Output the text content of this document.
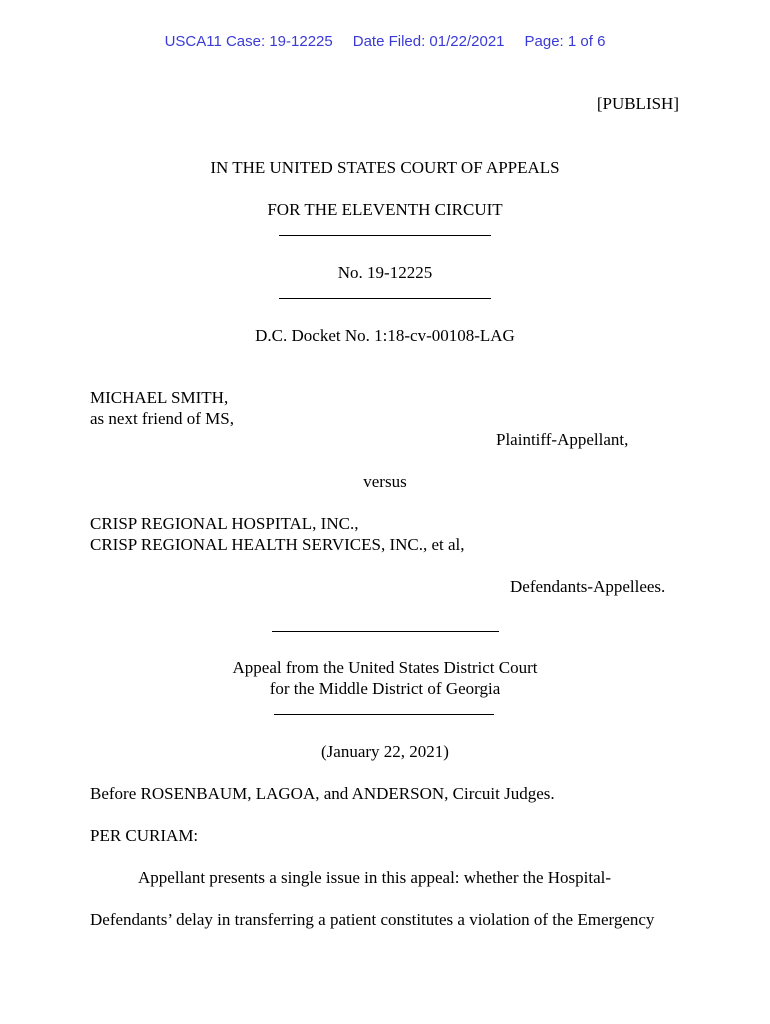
USCA11 Case: 19-12225 Date Filed: 01/22/2021 Page: 1 of 6
[PUBLISH]
IN THE UNITED STATES COURT OF APPEALS
FOR THE ELEVENTH CIRCUIT
No. 19-12225
D.C. Docket No. 1:18-cv-00108-LAG
MICHAEL SMITH,
as next friend of MS,
Plaintiff-Appellant,
versus
CRISP REGIONAL HOSPITAL, INC.,
CRISP REGIONAL HEALTH SERVICES, INC., et al,
Defendants-Appellees.
Appeal from the United States District Court
for the Middle District of Georgia
(January 22, 2021)
Before ROSENBAUM, LAGOA, and ANDERSON, Circuit Judges.
PER CURIAM:
Appellant presents a single issue in this appeal: whether the Hospital-
Defendants’ delay in transferring a patient constitutes a violation of the Emergency
